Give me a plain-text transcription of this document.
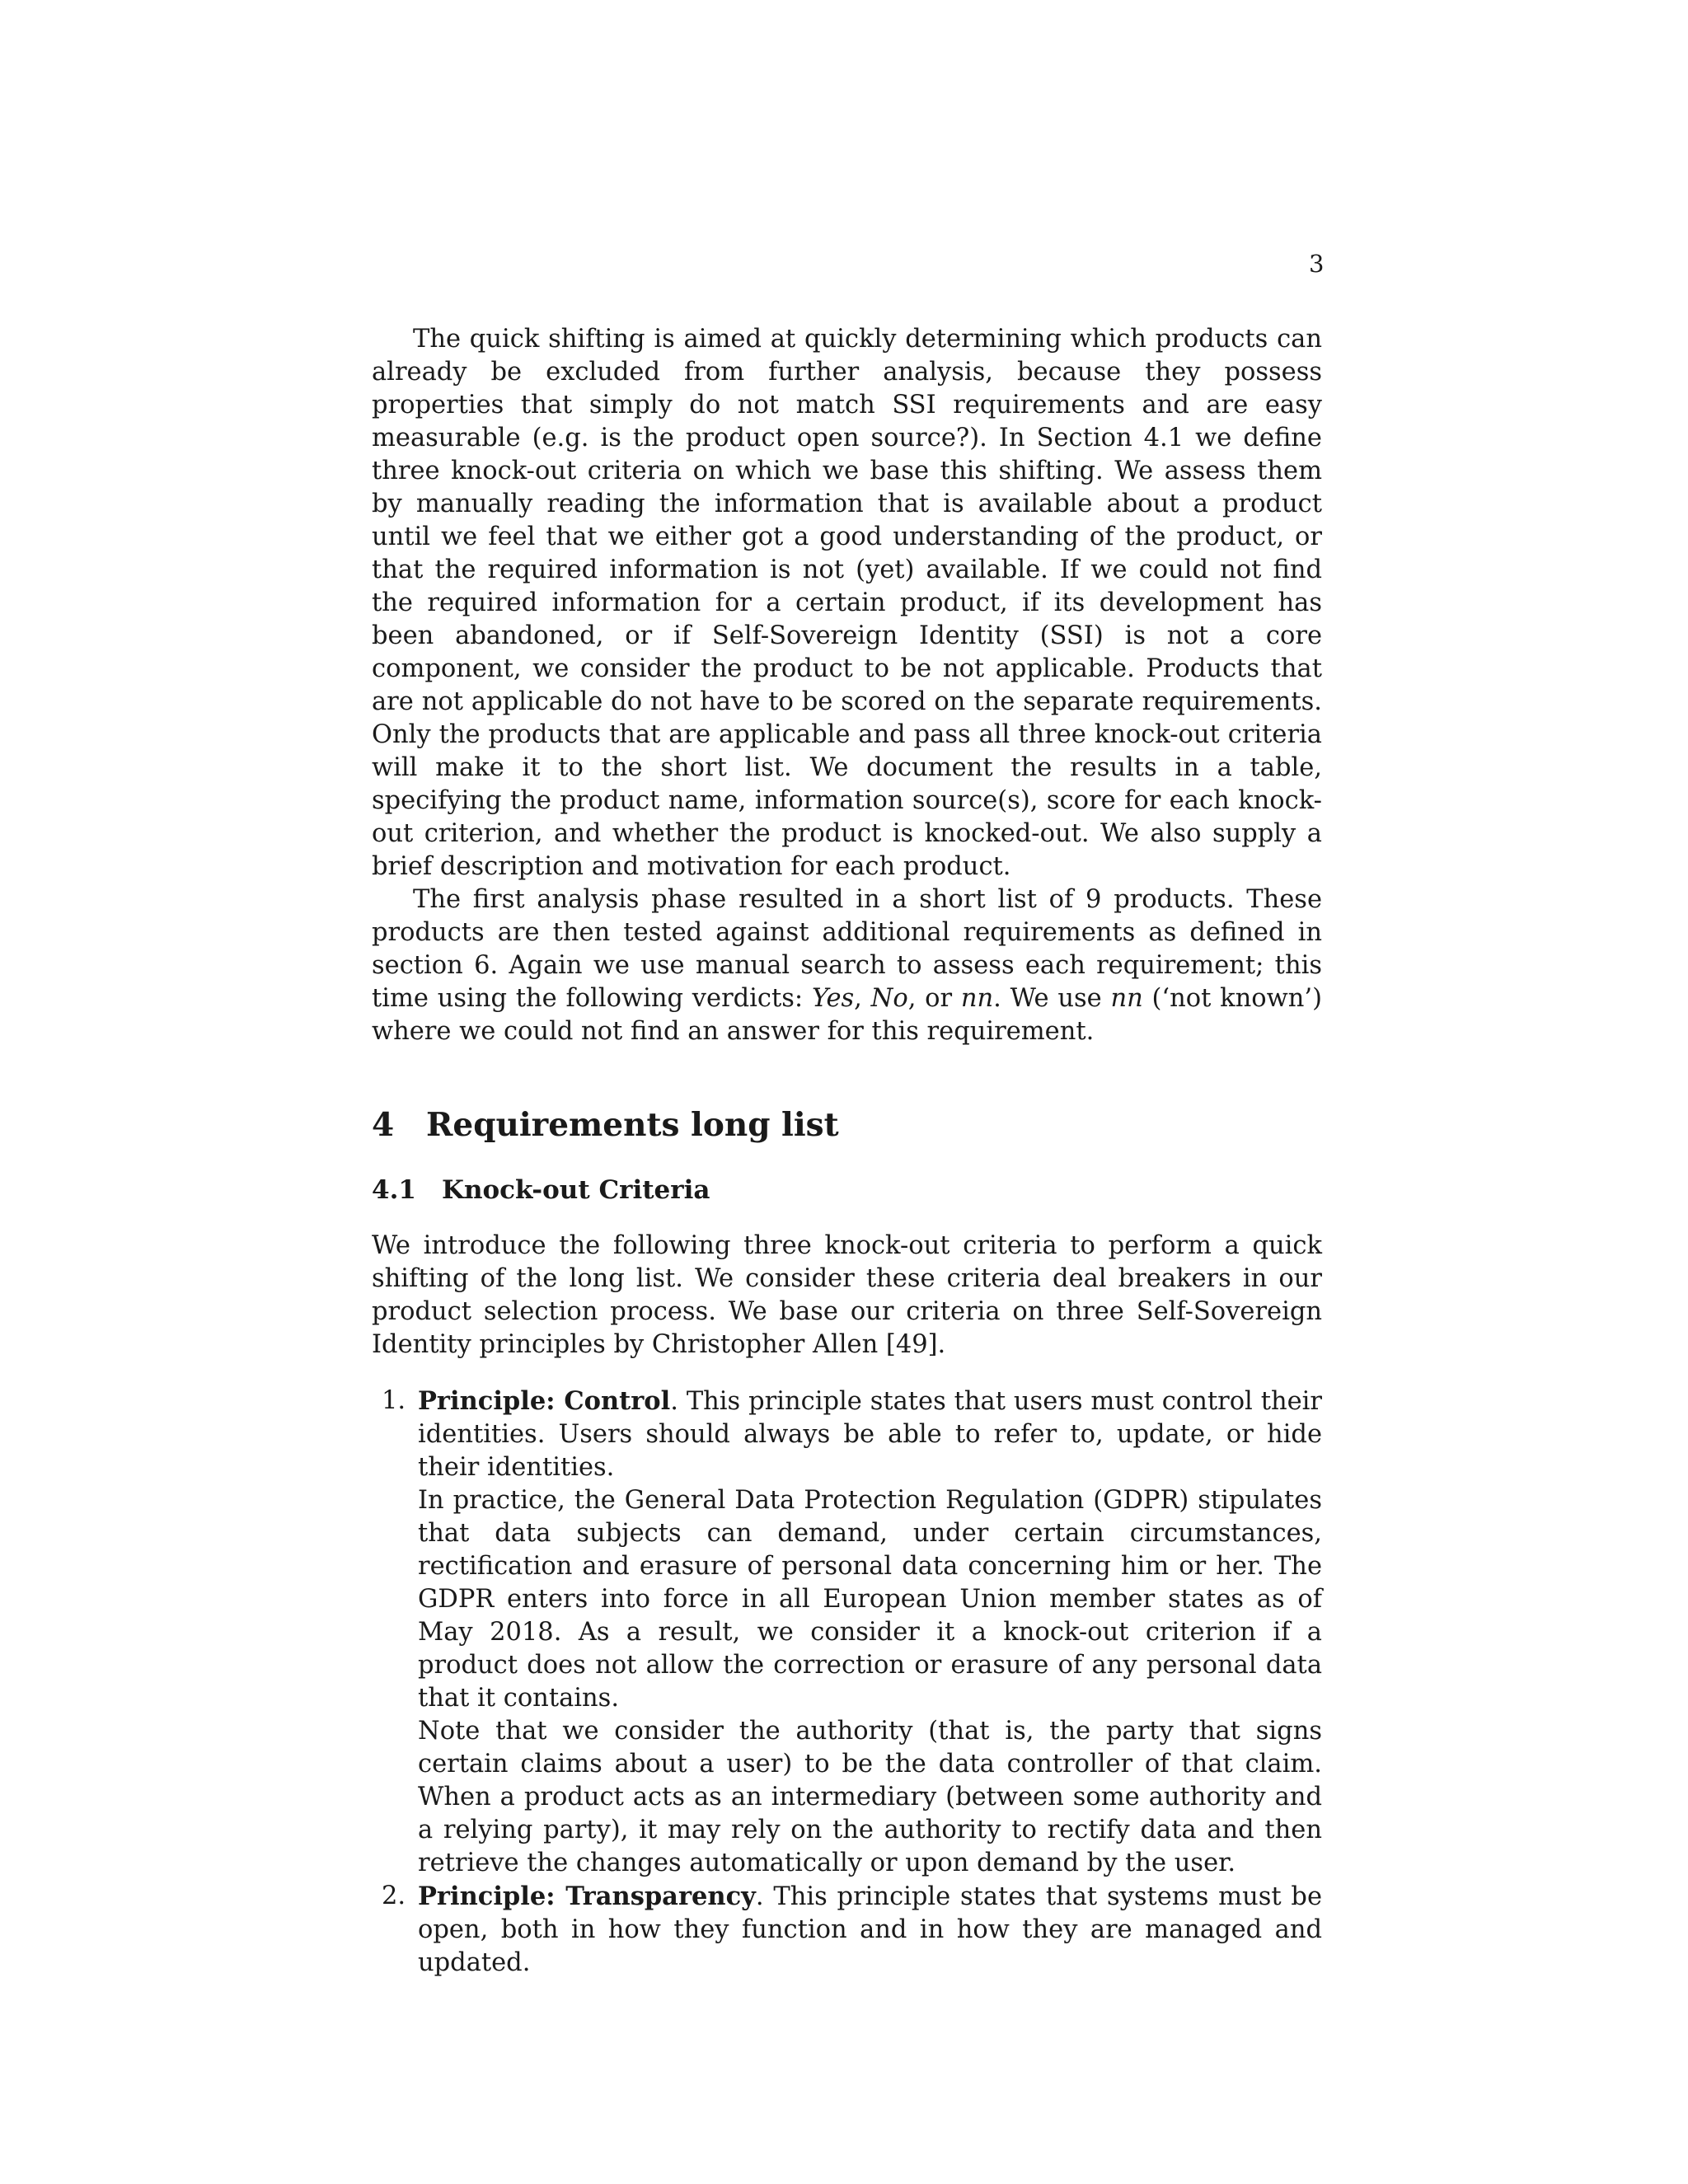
3

The quick shifting is aimed at quickly determining which products can already be excluded from further analysis, because they possess properties that simply do not match SSI requirements and are easy measurable (e.g. is the product open source?). In Section 4.1 we define three knock-out criteria on which we base this shifting. We assess them by manually reading the information that is available about a product until we feel that we either got a good understanding of the product, or that the required information is not (yet) available. If we could not find the required information for a certain product, if its development has been abandoned, or if Self-Sovereign Identity (SSI) is not a core component, we consider the product to be not applicable. Products that are not applicable do not have to be scored on the separate requirements. Only the products that are applicable and pass all three knock-out criteria will make it to the short list. We document the results in a table, specifying the product name, information source(s), score for each knock-out criterion, and whether the product is knocked-out. We also supply a brief description and motivation for each product.

The first analysis phase resulted in a short list of 9 products. These products are then tested against additional requirements as defined in section 6. Again we use manual search to assess each requirement; this time using the following verdicts: Yes, No, or nn. We use nn (‘not known’) where we could not find an answer for this requirement.

4 Requirements long list
4.1 Knock-out Criteria

We introduce the following three knock-out criteria to perform a quick shifting of the long list. We consider these criteria deal breakers in our product selection process. We base our criteria on three Self-Sovereign Identity principles by Christopher Allen [49].

1. Principle: Control. This principle states that users must control their identities. Users should always be able to refer to, update, or hide their identities.

In practice, the General Data Protection Regulation (GDPR) stipulates that data subjects can demand, under certain circumstances, rectification and erasure of personal data concerning him or her. The GDPR enters into force in all European Union member states as of May 2018. As a result, we consider it a knock-out criterion if a product does not allow the correction or erasure of any personal data that it contains.

Note that we consider the authority (that is, the party that signs certain claims about a user) to be the data controller of that claim. When a product acts as an intermediary (between some authority and a relying party), it may rely on the authority to rectify data and then retrieve the changes automatically or upon demand by the user.

2. Principle: Transparency. This principle states that systems must be open, both in how they function and in how they are managed and updated.
